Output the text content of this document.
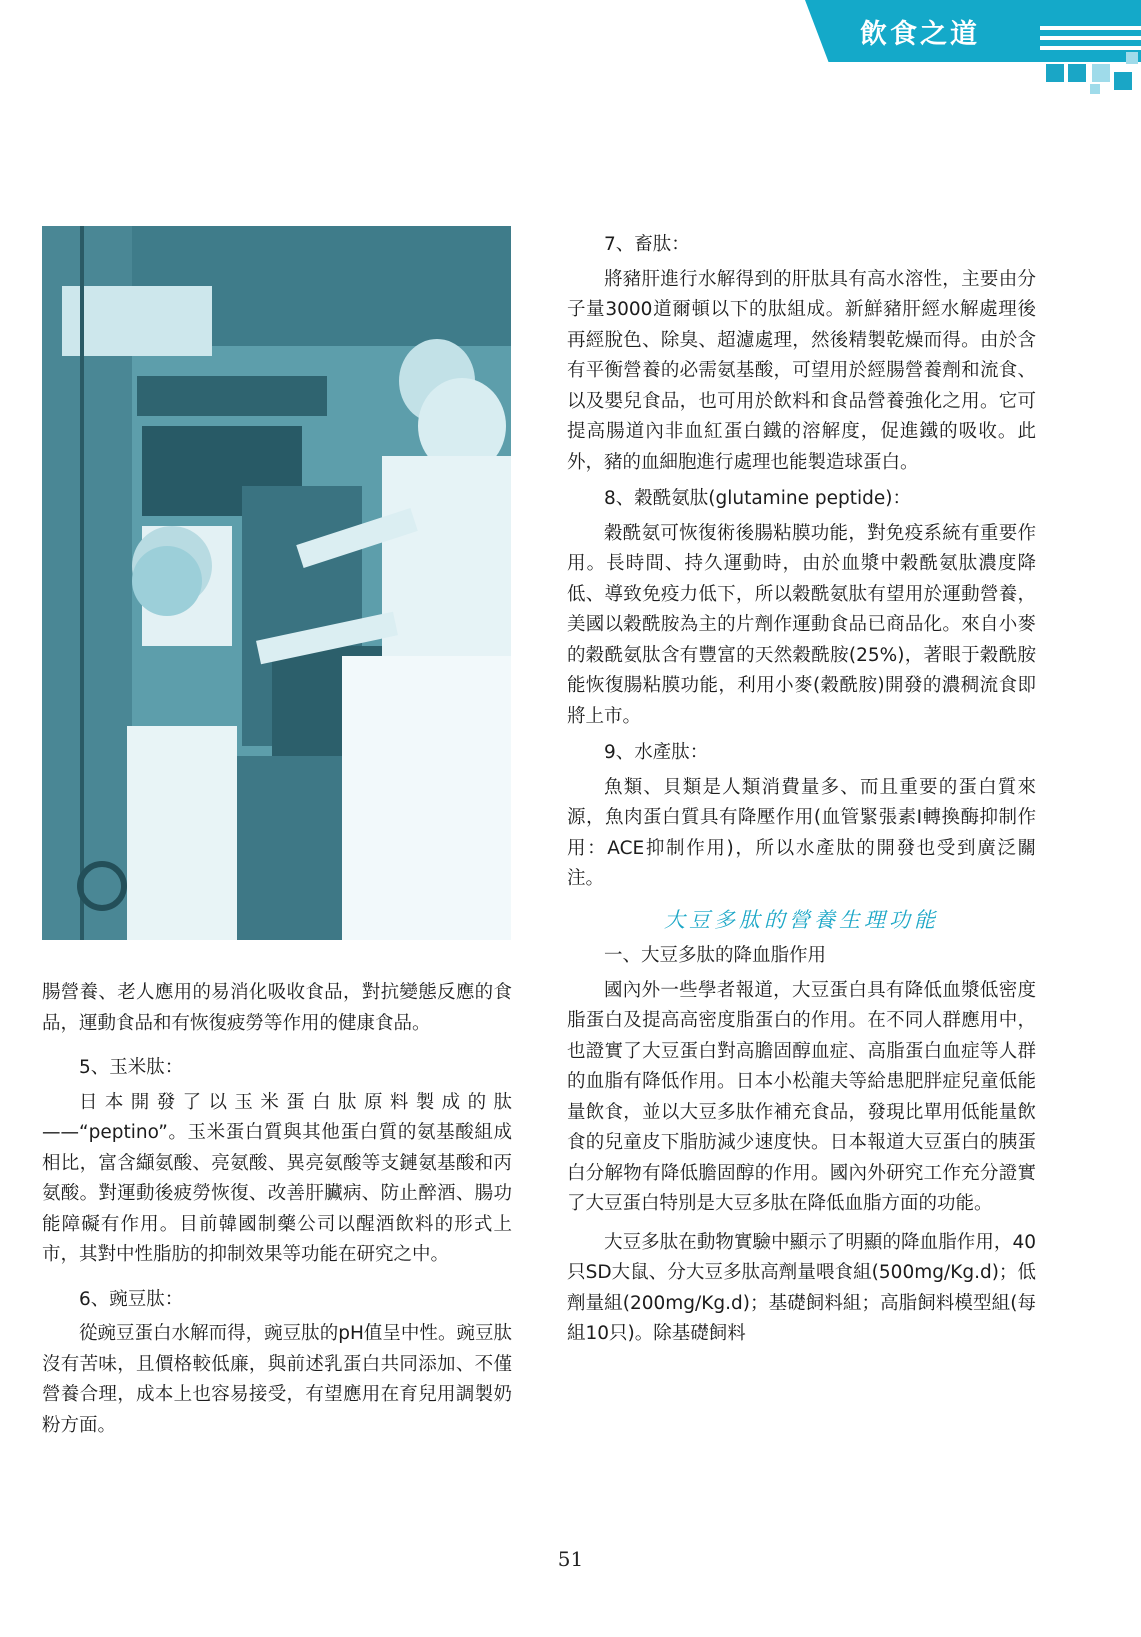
飲食之道

腸營養、老人應用的易消化吸收食品，對抗變態反應的食品，運動食品和有恢復疲勞等作用的健康食品。

5、玉米肽：

日本開發了以玉米蛋白肽原料製成的肽——“peptino”。玉米蛋白質與其他蛋白質的氨基酸組成相比，富含纈氨酸、亮氨酸、異亮氨酸等支鏈氨基酸和丙氨酸。對運動後疲勞恢復、改善肝臟病、防止醉酒、腸功能障礙有作用。目前韓國制藥公司以醒酒飲料的形式上市，其對中性脂肪的抑制效果等功能在研究之中。

6、豌豆肽：

從豌豆蛋白水解而得，豌豆肽的pH值呈中性。豌豆肽沒有苦味，且價格較低廉，與前述乳蛋白共同添加、不僅營養合理，成本上也容易接受，有望應用在育兒用調製奶粉方面。

7、畜肽：

將豬肝進行水解得到的肝肽具有高水溶性，主要由分子量3000道爾頓以下的肽組成。新鮮豬肝經水解處理後再經脫色、除臭、超濾處理，然後精製乾燥而得。由於含有平衡營養的必需氨基酸，可望用於經腸營養劑和流食、以及嬰兒食品，也可用於飲料和食品營養強化之用。它可提高腸道內非血紅蛋白鐵的溶解度，促進鐵的吸收。此外，豬的血細胞進行處理也能製造球蛋白。

8、穀酰氨肽(glutamine peptide)：

穀酰氨可恢復術後腸粘膜功能，對免疫系統有重要作用。長時間、持久運動時，由於血漿中穀酰氨肽濃度降低、導致免疫力低下，所以穀酰氨肽有望用於運動營養，美國以穀酰胺為主的片劑作運動食品已商品化。來自小麥的穀酰氨肽含有豐富的天然穀酰胺(25%)，著眼于穀酰胺能恢復腸粘膜功能，利用小麥(穀酰胺)開發的濃稠流食即將上市。

9、水產肽：

魚類、貝類是人類消費量多、而且重要的蛋白質來源，魚肉蛋白質具有降壓作用(血管緊張素Ⅰ轉換酶抑制作用：ACE抑制作用)，所以水產肽的開發也受到廣泛關注。

大豆多肽的營養生理功能

一、大豆多肽的降血脂作用

國內外一些學者報道，大豆蛋白具有降低血漿低密度脂蛋白及提高高密度脂蛋白的作用。在不同人群應用中，也證實了大豆蛋白對高膽固醇血症、高脂蛋白血症等人群的血脂有降低作用。日本小松龍夫等給患肥胖症兒童低能量飲食，並以大豆多肽作補充食品，發現比單用低能量飲食的兒童皮下脂肪減少速度快。日本報道大豆蛋白的胰蛋白分解物有降低膽固醇的作用。國內外研究工作充分證實了大豆蛋白特別是大豆多肽在降低血脂方面的功能。

大豆多肽在動物實驗中顯示了明顯的降血脂作用，40只SD大鼠、分大豆多肽高劑量喂食組(500mg/Kg.d)；低劑量組(200mg/Kg.d)；基礎飼料組；高脂飼料模型組(每組10只)。除基礎飼料

51
